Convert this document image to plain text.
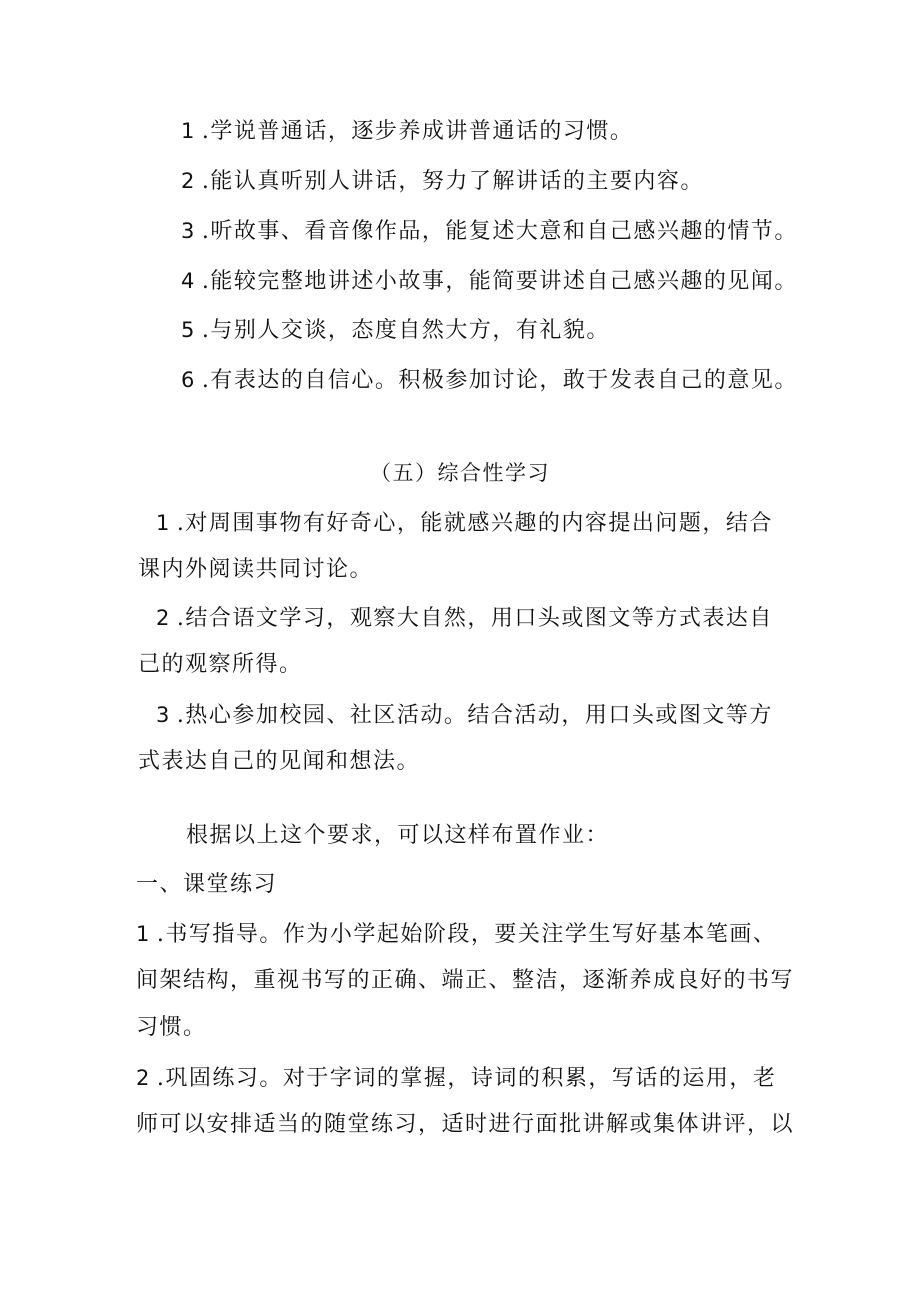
1 .学说普通话，逐步养成讲普通话的习惯。
2 .能认真听别人讲话，努力了解讲话的主要内容。
3 .听故事、看音像作品，能复述大意和自己感兴趣的情节。
4 .能较完整地讲述小故事，能简要讲述自己感兴趣的见闻。
5 .与别人交谈，态度自然大方，有礼貌。
6 .有表达的自信心。积极参加讨论，敢于发表自己的意见。
（五）综合性学习
1 .对周围事物有好奇心，能就感兴趣的内容提出问题，结合
课内外阅读共同讨论。
2 .结合语文学习，观察大自然，用口头或图文等方式表达自
己的观察所得。
3 .热心参加校园、社区活动。结合活动，用口头或图文等方
式表达自己的见闻和想法。
根据以上这个要求，可以这样布置作业：
一、课堂练习
1 .书写指导。作为小学起始阶段，要关注学生写好基本笔画、
间架结构，重视书写的正确、端正、整洁，逐渐养成良好的书写
习惯。
2 .巩固练习。对于字词的掌握，诗词的积累，写话的运用，老
师可以安排适当的随堂练习，适时进行面批讲解或集体讲评，以
